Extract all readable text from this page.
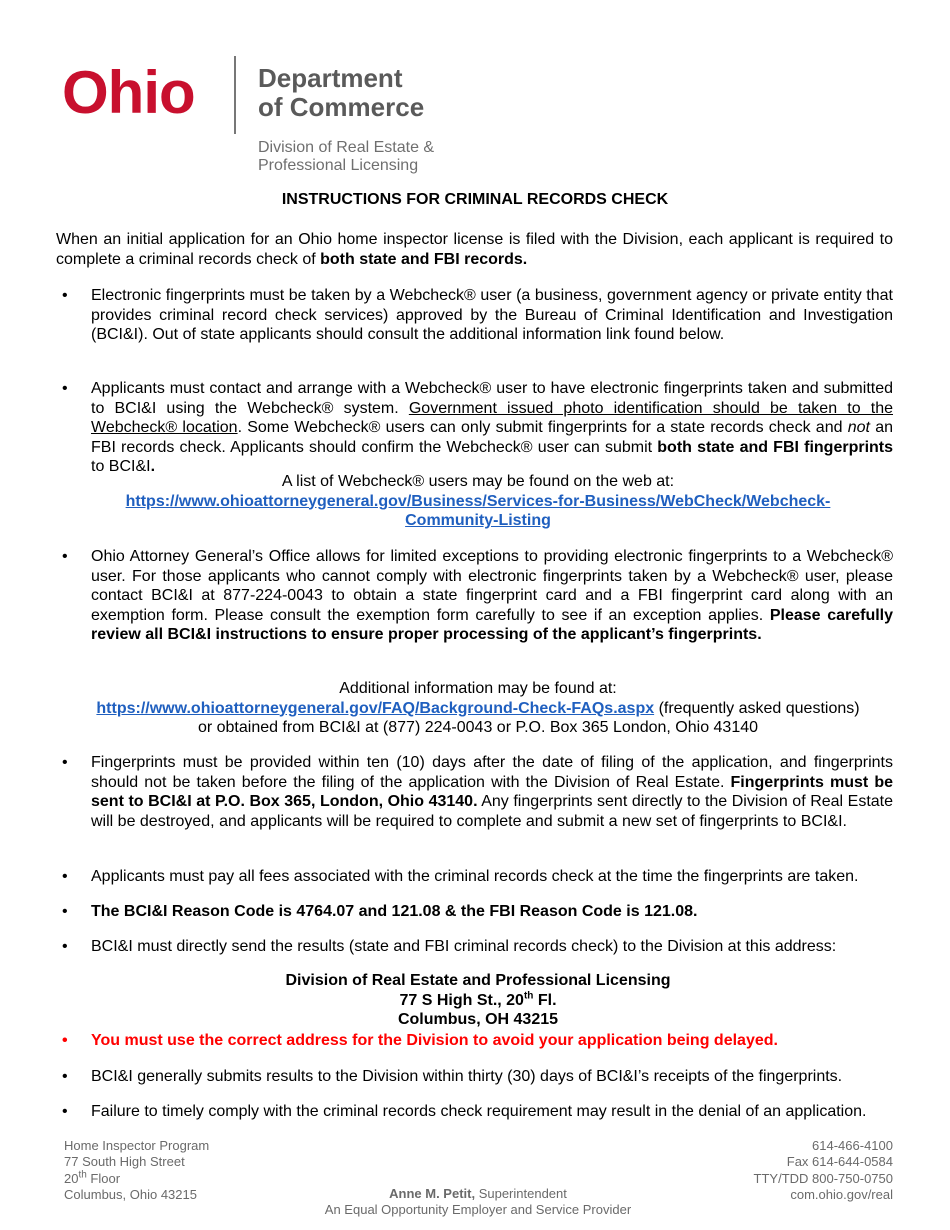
Ohio Department
of Commerce
Division of Real Estate &
Professional Licensing
INSTRUCTIONS FOR CRIMINAL RECORDS CHECK
When an initial application for an Ohio home inspector license is filed with the Division, each applicant is required to complete a criminal records check of both state and FBI records.
• Electronic fingerprints must be taken by a Webcheck® user (a business, government agency or private entity that provides criminal record check services) approved by the Bureau of Criminal Identification and Investigation (BCI&I). Out of state applicants should consult the additional information link found below.
• Applicants must contact and arrange with a Webcheck® user to have electronic fingerprints taken and submitted to BCI&I using the Webcheck® system. Government issued photo identification should be taken to the Webcheck® location. Some Webcheck® users can only submit fingerprints for a state records check and not an FBI records check. Applicants should confirm the Webcheck® user can submit both state and FBI fingerprints to BCI&I.
A list of Webcheck® users may be found on the web at:
https://www.ohioattorneygeneral.gov/Business/Services-for-Business/WebCheck/Webcheck-
Community-Listing
• Ohio Attorney General’s Office allows for limited exceptions to providing electronic fingerprints to a Webcheck® user. For those applicants who cannot comply with electronic fingerprints taken by a Webcheck® user, please contact BCI&I at 877-224-0043 to obtain a state fingerprint card and a FBI fingerprint card along with an exemption form. Please consult the exemption form carefully to see if an exception applies. Please carefully review all BCI&I instructions to ensure proper processing of the applicant’s fingerprints.
Additional information may be found at:
https://www.ohioattorneygeneral.gov/FAQ/Background-Check-FAQs.aspx (frequently asked questions)
or obtained from BCI&I at (877) 224-0043 or P.O. Box 365 London, Ohio 43140
• Fingerprints must be provided within ten (10) days after the date of filing of the application, and fingerprints should not be taken before the filing of the application with the Division of Real Estate. Fingerprints must be sent to BCI&I at P.O. Box 365, London, Ohio 43140. Any fingerprints sent directly to the Division of Real Estate will be destroyed, and applicants will be required to complete and submit a new set of fingerprints to BCI&I.
• Applicants must pay all fees associated with the criminal records check at the time the fingerprints are taken.
• The BCI&I Reason Code is 4764.07 and 121.08 & the FBI Reason Code is 121.08.
• BCI&I must directly send the results (state and FBI criminal records check) to the Division at this address:
Division of Real Estate and Professional Licensing
77 S High St., 20th Fl.
Columbus, OH 43215
• You must use the correct address for the Division to avoid your application being delayed.
• BCI&I generally submits results to the Division within thirty (30) days of BCI&I’s receipts of the fingerprints.
• Failure to timely comply with the criminal records check requirement may result in the denial of an application.
Home Inspector Program
77 South High Street
20th Floor
Columbus, Ohio 43215	Anne M. Petit, Superintendent
An Equal Opportunity Employer and Service Provider
614-466-4100
Fax 614-644-0584
TTY/TDD 800-750-0750
com.ohio.gov/real
